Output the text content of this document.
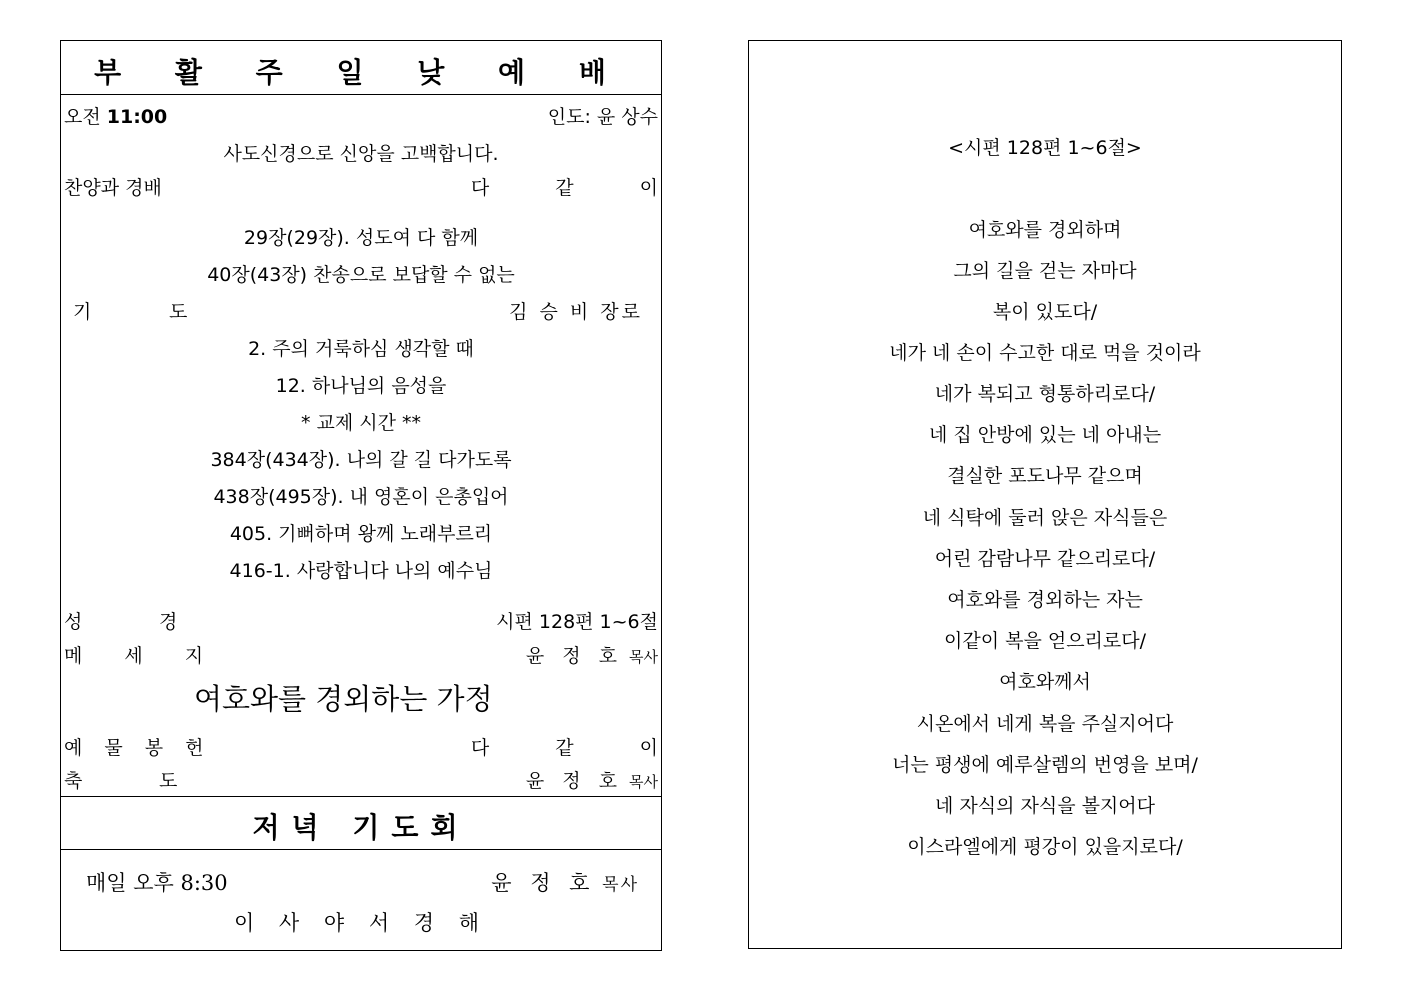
부 활 주 일 낮 예 배
오전 11:00	인도: 윤 상수
사도신경으로 신앙을 고백합니다.
찬양과 경배	다 같 이
29장(29장). 성도여 다 함께
40장(43장) 찬송으로 보답할 수 없는
기	도	김 승 비 장로
2. 주의 거룩하심 생각할 때
12. 하나님의 음성을
* 교제 시간 **
384장(434장). 나의 갈 길 다가도록
438장(495장). 내 영혼이 은총입어
405. 기뻐하며 왕께 노래부르리
416-1. 사랑합니다 나의 예수님
성	경	시편 128편 1~6절
메 세 지	윤 정 호 목사
여호와를 경외하는 가정
예 물 봉 헌	다 같 이
축	도	윤 정 호 목사
저녁 기도회
매일 오후 8:30	윤 정 호 목사
이 사 야 서 경 해
<시편 128편 1~6절>
여호와를 경외하며
그의 길을 걷는 자마다
복이 있도다/
네가 네 손이 수고한 대로 먹을 것이라
네가 복되고 형통하리로다/
네 집 안방에 있는 네 아내는
결실한 포도나무 같으며
네 식탁에 둘러 앉은 자식들은
어린 감람나무 같으리로다/
여호와를 경외하는 자는
이같이 복을 얻으리로다/
여호와께서
시온에서 네게 복을 주실지어다
너는 평생에 예루살렘의 번영을 보며/
네 자식의 자식을 볼지어다
이스라엘에게 평강이 있을지로다/
